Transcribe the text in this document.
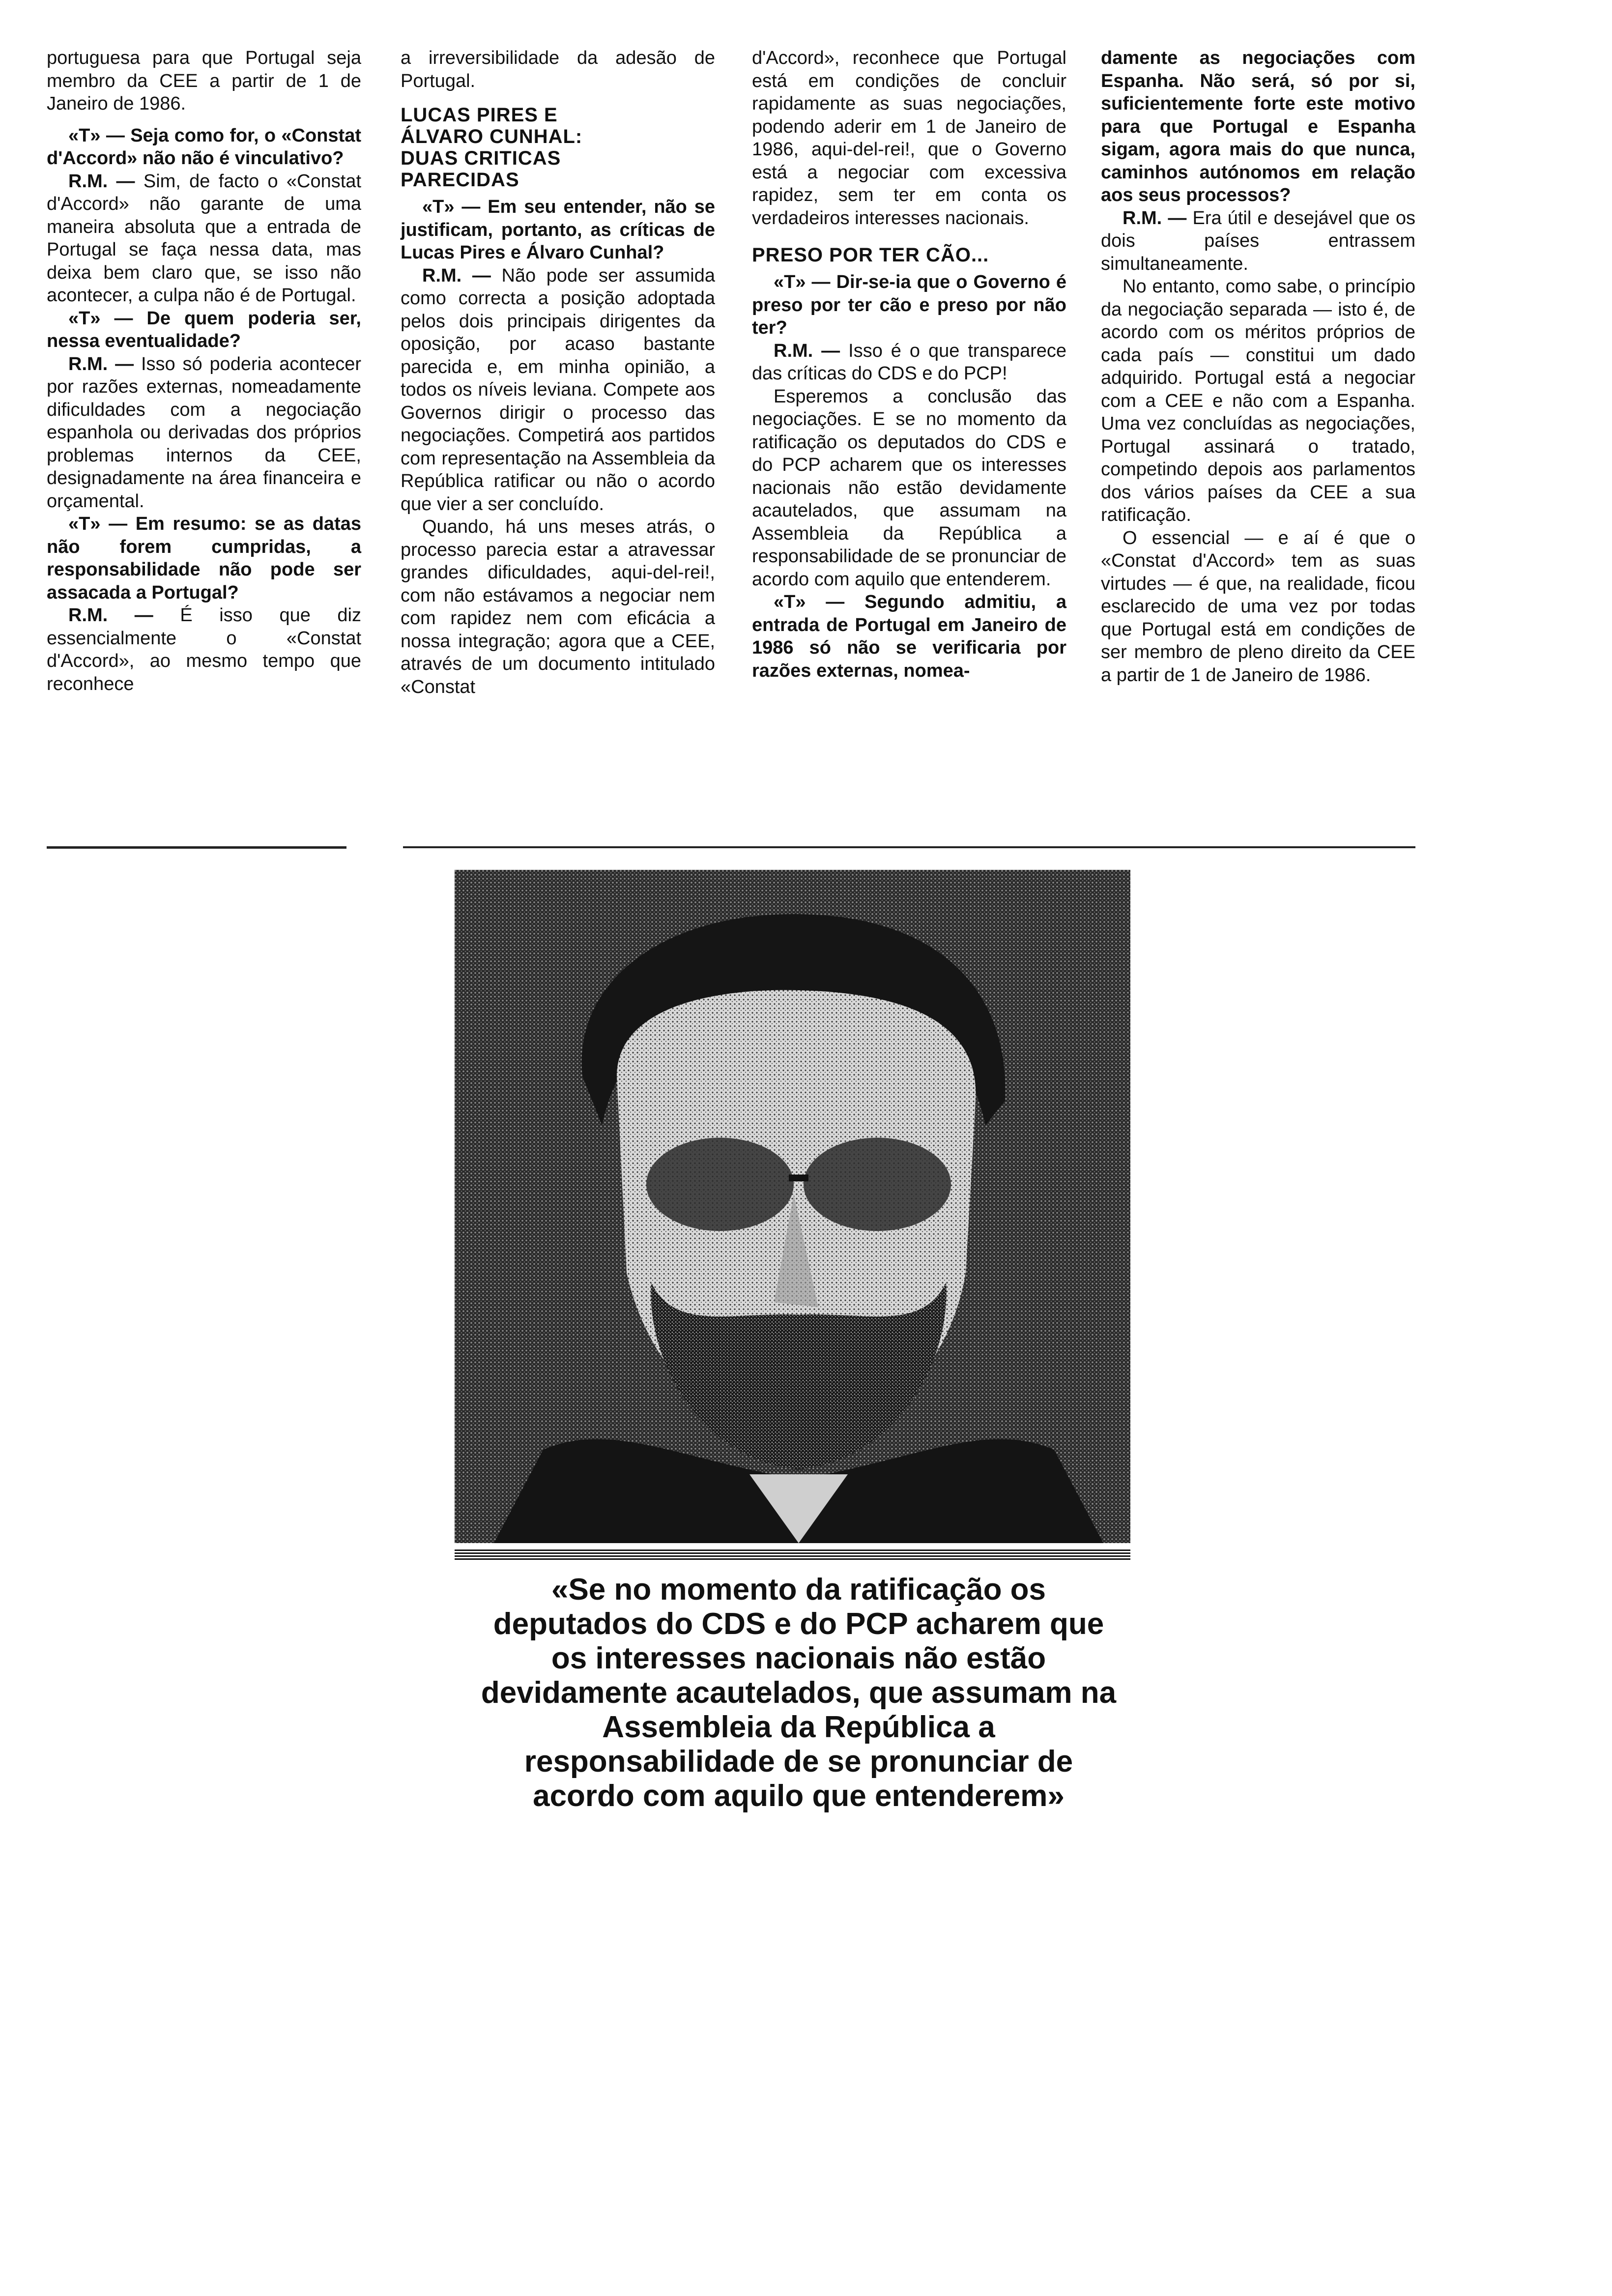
portuguesa para que Portugal seja membro da CEE a partir de 1 de Janeiro de 1986.

«T» — Seja como for, o «Constat d'Accord» não não é vinculativo?

R.M. — Sim, de facto o «Constat d'Accord» não garante de uma maneira absoluta que a entrada de Portugal se faça nessa data, mas deixa bem claro que, se isso não acontecer, a culpa não é de Portugal.

«T» — De quem poderia ser, nessa eventualidade?

R.M. — Isso só poderia acontecer por razões externas, nomeadamente dificuldades com a negociação espanhola ou derivadas dos próprios problemas internos da CEE, designadamente na área financeira e orçamental.

«T» — Em resumo: se as datas não forem cumpridas, a responsabilidade não pode ser assacada a Portugal?

R.M. — É isso que diz essencialmente o «Constat d'Accord», ao mesmo tempo que reconhece

a irreversibilidade da adesão de Portugal.

LUCAS PIRES E ÁLVARO CUNHAL: DUAS CRITICAS PARECIDAS

«T» — Em seu entender, não se justificam, portanto, as críticas de Lucas Pires e Álvaro Cunhal?

R.M. — Não pode ser assumida como correcta a posição adoptada pelos dois principais dirigentes da oposição, por acaso bastante parecida e, em minha opinião, a todos os níveis leviana. Compete aos Governos dirigir o processo das negociações. Competirá aos partidos com representação na Assembleia da República ratificar ou não o acordo que vier a ser concluído.

Quando, há uns meses atrás, o processo parecia estar a atravessar grandes dificuldades, aqui-del-rei!, com não estávamos a negociar nem com rapidez nem com eficácia a nossa integração; agora que a CEE, através de um documento intitulado «Constat

d'Accord», reconhece que Portugal está em condições de concluir rapidamente as suas negociações, podendo aderir em 1 de Janeiro de 1986, aqui-del-rei!, que o Governo está a negociar com excessiva rapidez, sem ter em conta os verdadeiros interesses nacionais.

PRESO POR TER CÃO...

«T» — Dir-se-ia que o Governo é preso por ter cão e preso por não ter?

R.M. — Isso é o que transparece das críticas do CDS e do PCP!

Esperemos a conclusão das negociações. E se no momento da ratificação os deputados do CDS e do PCP acharem que os interesses nacionais não estão devidamente acautelados, que assumam na Assembleia da República a responsabilidade de se pronunciar de acordo com aquilo que entenderem.

«T» — Segundo admitiu, a entrada de Portugal em Janeiro de 1986 só não se verificaria por razões externas, nomea-

damente as negociações com Espanha. Não será, só por si, suficientemente forte este motivo para que Portugal e Espanha sigam, agora mais do que nunca, caminhos autónomos em relação aos seus processos?

R.M. — Era útil e desejável que os dois países entrassem simultaneamente.

No entanto, como sabe, o princípio da negociação separada — isto é, de acordo com os méritos próprios de cada país — constitui um dado adquirido. Portugal está a negociar com a CEE e não com a Espanha. Uma vez concluídas as negociações, Portugal assinará o tratado, competindo depois aos parlamentos dos vários países da CEE a sua ratificação.

O essencial — e aí é que o «Constat d'Accord» tem as suas virtudes — é que, na realidade, ficou esclarecido de uma vez por todas que Portugal está em condições de ser membro de pleno direito da CEE a partir de 1 de Janeiro de 1986.

«Se no momento da ratificação os deputados do CDS e do PCP acharem que os interesses nacionais não estão devidamente acautelados, que assumam na Assembleia da República a responsabilidade de se pronunciar de acordo com aquilo que entenderem»
